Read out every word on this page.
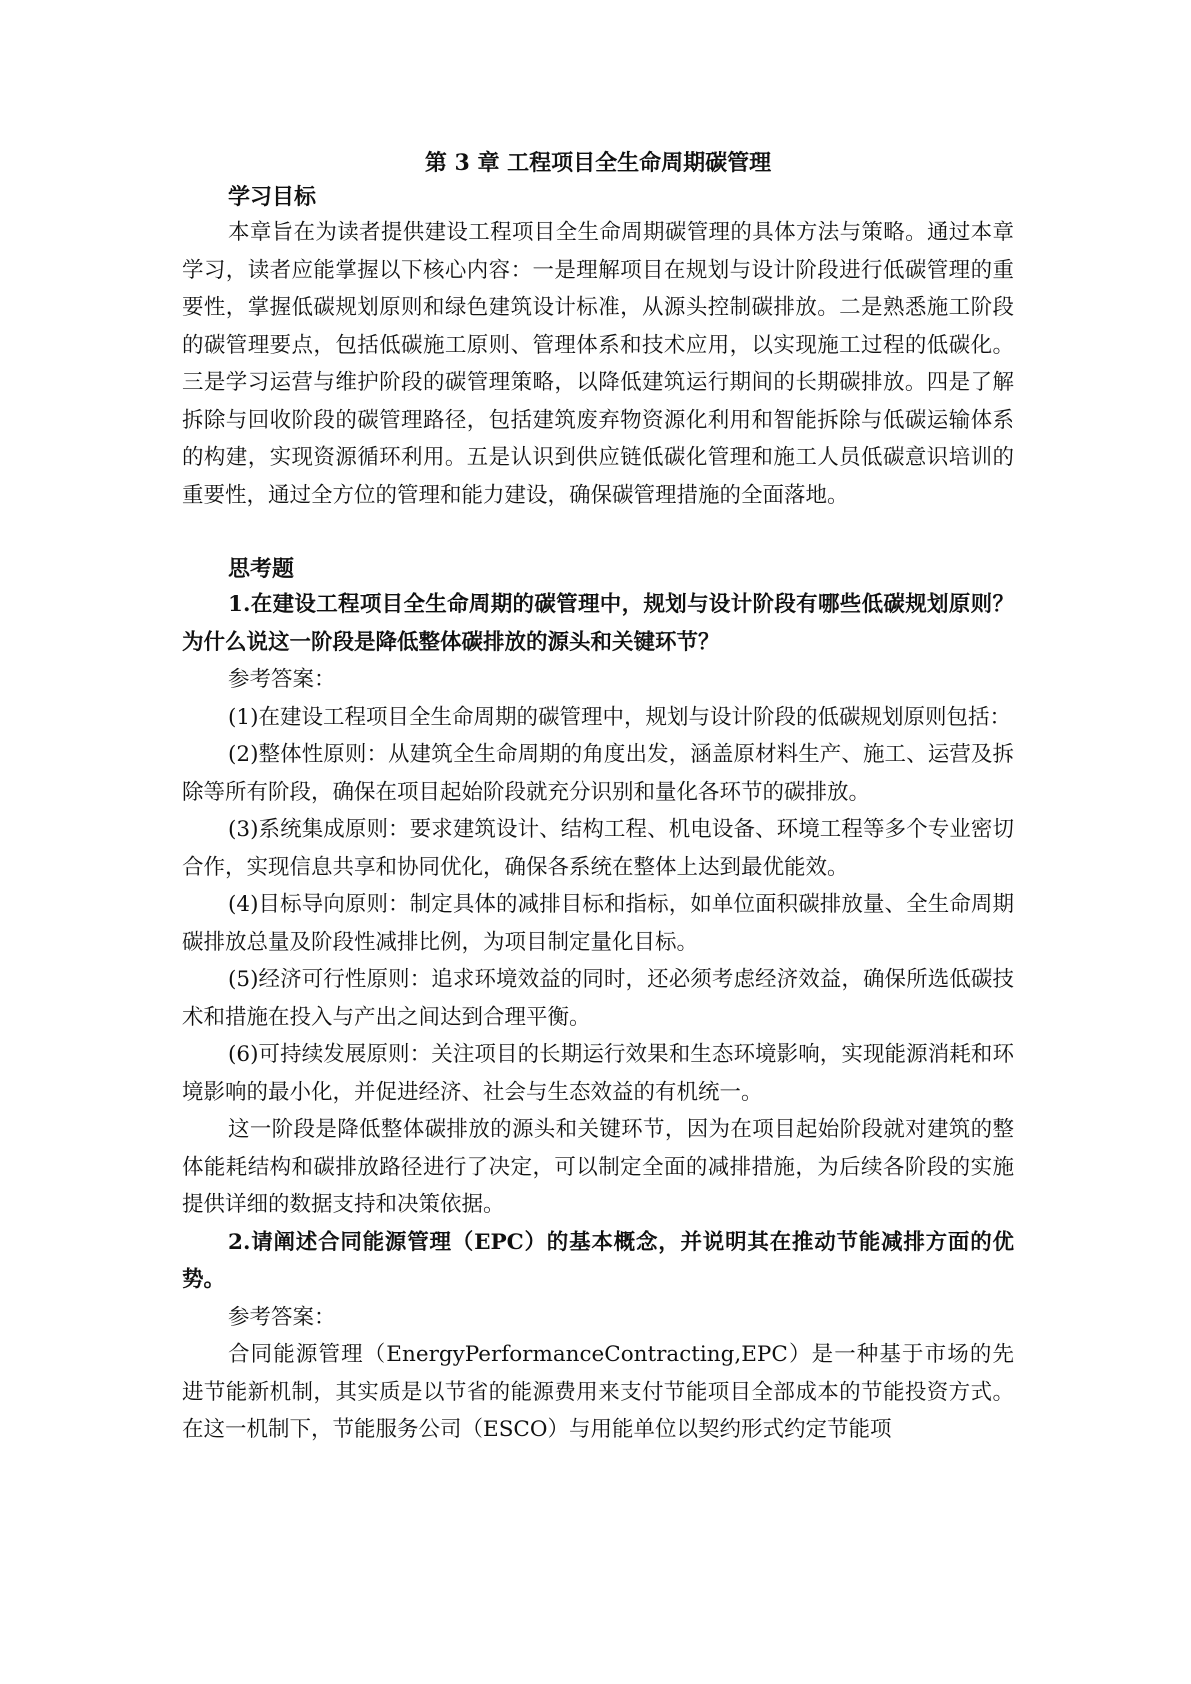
第 3 章 工程项目全生命周期碳管理
学习目标

本章旨在为读者提供建设工程项目全生命周期碳管理的具体方法与策略。通过本章学习，读者应能掌握以下核心内容：一是理解项目在规划与设计阶段进行低碳管理的重要性，掌握低碳规划原则和绿色建筑设计标准，从源头控制碳排放。二是熟悉施工阶段的碳管理要点，包括低碳施工原则、管理体系和技术应用，以实现施工过程的低碳化。三是学习运营与维护阶段的碳管理策略，以降低建筑运行期间的长期碳排放。四是了解拆除与回收阶段的碳管理路径，包括建筑废弃物资源化利用和智能拆除与低碳运输体系的构建，实现资源循环利用。五是认识到供应链低碳化管理和施工人员低碳意识培训的重要性，通过全方位的管理和能力建设，确保碳管理措施的全面落地。

思考题

1.在建设工程项目全生命周期的碳管理中，规划与设计阶段有哪些低碳规划原则？为什么说这一阶段是降低整体碳排放的源头和关键环节？

参考答案：

(1)在建设工程项目全生命周期的碳管理中，规划与设计阶段的低碳规划原则包括：

(2)整体性原则：从建筑全生命周期的角度出发，涵盖原材料生产、施工、运营及拆除等所有阶段，确保在项目起始阶段就充分识别和量化各环节的碳排放。

(3)系统集成原则：要求建筑设计、结构工程、机电设备、环境工程等多个专业密切合作，实现信息共享和协同优化，确保各系统在整体上达到最优能效。

(4)目标导向原则：制定具体的减排目标和指标，如单位面积碳排放量、全生命周期碳排放总量及阶段性减排比例，为项目制定量化目标。

(5)经济可行性原则：追求环境效益的同时，还必须考虑经济效益，确保所选低碳技术和措施在投入与产出之间达到合理平衡。

(6)可持续发展原则：关注项目的长期运行效果和生态环境影响，实现能源消耗和环境影响的最小化，并促进经济、社会与生态效益的有机统一。

这一阶段是降低整体碳排放的源头和关键环节，因为在项目起始阶段就对建筑的整体能耗结构和碳排放路径进行了决定，可以制定全面的减排措施，为后续各阶段的实施提供详细的数据支持和决策依据。

2.请阐述合同能源管理（EPC）的基本概念，并说明其在推动节能减排方面的优势。

参考答案：

合同能源管理（EnergyPerformanceContracting,EPC）是一种基于市场的先进节能新机制，其实质是以节省的能源费用来支付节能项目全部成本的节能投资方式。在这一机制下，节能服务公司（ESCO）与用能单位以契约形式约定节能项
